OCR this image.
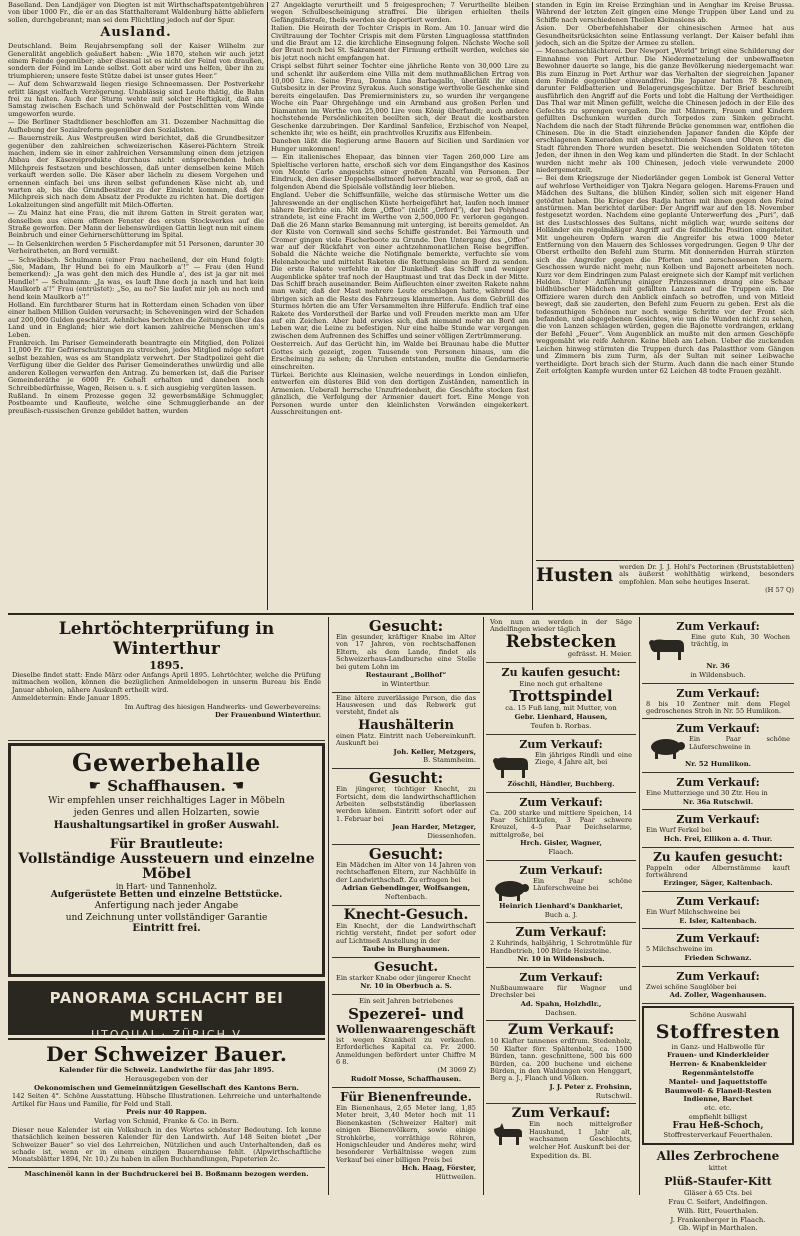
Baselland. Den Landjäger von Diegten ist mit Wirthschaftspatentgebühren von über 1000 Fr., die er an das Statthalteramt Waldenburg hätte abliefern sollen, durchgebrannt; man sei dem Flüchtling jedoch auf der Spur.

Ausland.

Deutschland. Beim Reujahrsempfang soll der Kaiser Wilhelm zur Generalität angeblich geäußert haben: „Wie 1870, stehen wir auch jetzt einem Feinde gegenüber; aber diesmal ist es nicht der Feind von draußen, sondern der Feind im Lande selbst. Gott aber wird uns helfen, über ihn zu triumphieren; unsere feste Stütze dabei ist unser gutes Heer.“

— Auf dem Schwarzwald liegen riesige Schneemassen. Der Postverkehr erlitt längst vielfach Verzögerung. Unablässig sind Leute thätig, die Bahn frei zu halten. Auch der Sturm wehte mit solcher Heftigkeit, daß am Samstag zwischen Eschach und Schönwald der Postschlitten vom Winde umgeworfen wurde.

— Die Berliner Stadtdiener beschloffen am 31. Dezember Nachmittag die Aufhebung der Sozialreform gegenüber den Sozialisten.

— Bauernstreik. Aus Westpreußen wird berichtet, daß die Grundbesitzer gegenüber den zahlreichen schweizerischen Käserei-Pächtern Streik machen, indem sie in einer zahlreichen Versammlung einen dem jetzigen Abbau der Käsereiprodukte durchaus nicht entsprechenden hohen Milchpreis festsetzen und beschlossen, daß unter demselben keine Milch verkauft werden solle. Die Käser aber lächeln zu diesem Vorgehen und ernennen einfach bei uns ihren selbst gefundenen Käse nicht ab, und warten ab, bis die Grundbesitzer zu der Einsicht kommen, daß der Milchpreis sich nach dem Absatz der Produkte zu richten hat. Die dortigen Lokalzeitungen sind angefüllt mit Milch-Offerten.

— Zu Mainz hat eine Frau, die mit ihrem Gatten in Streit geraten war, denselben aus einem offenen Fenster des ersten Stockwerkes auf die Straße geworfen. Der Mann der liebenswürdigen Gattin liegt nun mit einem Beinbruch und einer Gehirnerschütterung im Spital.

— In Gelsenkirchen werden 5 Fischerdampfer mit 51 Personen, darunter 30 Verheiratheten, an Bord vermißt.

— Schwäbisch. Schulmann (einer Frau nacheilend, der ein Hund folgt): „Sie, Madam, Ihr Hund bei fo ein Maulkorb a'!“ — Frau (den Hund bemerkend): „Ja was geht den mich des Hundle a', des ist ja gar nit mei Hundle!“ — Schulmann: „Ja was, es lauft Ihne doch ja nach und hat kein Maulkorb a'!“ Frau (entrüstet): „So, au no? Sie laufet mir joh au noch und hend kein Maulkorb a'!“

Holland. Ein furchtbarer Sturm hat in Rotterdam einen Schaden von über einer halben Million Gulden verursacht; in Scheveningen wird der Schaden auf 200,000 Gulden geschätzt. Aehnliches berichten die Zeitungen über das Land und in England; hier wie dort kamen zahlreiche Menschen um's Leben.

Frankreich. Im Pariser Gemeinderath beantragte ein Mitglied, den Polizei 11,000 Fr. für Gefrierschutzungen zu streichen, jedes Mitglied möge sofort selbst bezahlen, was es am Standplatz verwehrt. Der Stadtpolizei geht die Verfügung über die Gelder des Pariser Gemeinderathes unwürdig und alle anderen Kollegen verwarfen den Antrag. Zu bemerken ist, daß die Pariser Gemeinderäthe je 6000 Fr. Gehalt erhalten und daneben noch Schreibbedürfnisse, Wagen, Reisen u. s. f. sich ausgiebig vergüten lassen.

Rußland. In einem Prozesse gegen 32 gewerbsmäßige Schmuggler, Postbeamte und Kaufleute, welche eine Schmugglerbande an der preußisch-russischen Grenze gebildet hatten, wurden

27 Angeklagte verurtheilt und 5 freigesprochen; 7 Verurtheilte bleiben wegen Schulbescheinigung straffrei. Die übrigen erhielten theils Gefängnißstrafe, theils werden sie deportiert werden.

Italien. Die Heirath der Tochter Crispis in Rom. Am 10. Januar wird die Civiltrauung der Tochter Crispis mit dem Fürsten Linguaglossa stattfinden und die Braut am 12. die kirchliche Einsegnung folgen. Nächste Woche soll der Braut noch bei St. Sakrament der Firmung ertheilt werden, welches sie bis jetzt noch nicht empfangen hat.

Crispi selbst führt seiner Tochter eine jährliche Rente von 30,000 Lire zu und schenkt ihr außerdem eine Villa mit dem muthmaßlichen Ertrag von 10,000 Lire. Seine Frau, Donna Lina Barbagallo, überläßt ihr einen Gutsbesitz in der Provinz Syrakus. Auch sonstige werthvolle Geschenke sind bereits eingelaufen. Das Premierministers zu, so wurden ihr vergangene Woche ein Paar Ohrgehänge und ein Armband aus großen Perlen und Diamanten im Werthe von 25,000 Lire vom König überfandt; auch andere hochstehende Persönlichkeiten beeilten sich, der Braut die kostbarsten Geschenke darzubringen. Der Kardinal Sanfelice, Erzbischof von Neapel, schenkte ihr, wie es heißt, ein prachtvolles Kruzifix aus Elfenbein.

Daneben läßt die Regierung arme Bauern auf Sicilien und Sardinien vor Hunger umkommen!

— Ein italienisches Ehepaar, das binnen vier Tagen 260,000 Lire am Spieltische verloren hatte, erschoß sich vor dem Eingangsthor des Kasinos von Monte Carlo angesichts einer großen Anzahl von Personen. Der Eindruck, den dieser Doppelselbstmord hervorbrachte, war so groß, daß an folgenden Abend die Spielsäle vollständig leer blieben.

England. Ueber die Schiffsunfälle, welche das stürmische Wetter um die Jahreswende an der englischen Küste herbeigeführt hat, laufen noch immer nähere Berichte ein. Mit dem „Offeo“ (nicht „Orford“), der bei Polyhead strandete, ist eine Fracht im Werthe von 2,500,000 Fr. verloren gegangen. Daß die 26 Mann starke Bemannung mit unterging, ist bereits gemeldet. An der Küste von Cornwall sind sechs Schiffe gestrandet. Bei Yarmouth und Cromer gingen viele Fischerboote zu Grunde. Den Untergang des „Offeo“ war auf der Rückfahrt von einer achtzehnmonatlichen Reise begriffen. Sobald die Nächte weiche die Notifignale bemerkte, verfuchte sie vom Helenabouche und mittelst Raketen die Rettungsleine an Bord zu senden. Die erste Rakete verfehlte in der Dunkelheit das Schiff und weniger Augenblicke später traf noch der Hauptmast und trat das Deck in der Mitte. Das Schiff brach auseinander. Beim Aufleuchten einer zweiten Rakete nahm man wahr, daß der Mast mehrere Leute erschlagen hatte, während die übrigen sich an die Reste des Fahrzeugs klammerten. Aus dem Gebrüll des Sturmes hörten die am Ufer Versammelten ihre Hilferufe. Endlich traf eine Rakete des Vorderstheil der Barke und voll Freuden merkte man am Ufer auf ein Zeichen. Aber bald erwies sich, daß niemand mehr an Bord am Leben war, die Leine zu befestigen. Nur eine halbe Stunde war vergangen zwischen dem Aufrennen des Schiffes und seiner völligen Zertrümmerung.

Oesterreich. Auf das Gerücht hin, im Walde bei Braunau habe die Mutter Gottes sich gezeigt, zogen Tausende von Personen hinaus, um die Erscheinung zu sehen; da Unruhen entstanden, mußte die Gendarmerie einschreiten.

Türkei. Berichte aus Kleinasien, welche neuerdings in London einliefen, entwerfen ein düsteres Bild von den dortigen Zuständen, namentlich in Armenien. Ueberall herrsche Unzufriedenheit, die Geschäfte stocken fast gänzlich, die Verfolgung der Armenier dauert fort. Eine Menge von Personen wurde unter den kleinlichsten Vorwänden eingekerkert. Ausschreitungen ent-

standen in Egin im Kreise Erzinghian und in Aenghar im Kreise Brussa. Während der letzten Zeit gingen eine Menge Truppen über Land und zu Schiffe nach verschiedenen Theilen Kleinasiens ab.

Asien. Der Oberbefehlshaber der chinesischen Armee hat aus Gesundheitsrücksichten seine Entlassung verlangt. Der Kaiser befahl ihm jedoch, sich an die Spitze der Armee zu stellen.

— Menschenschlächterei. Der Newport „World“ bringt eine Schilderung der Einnahme von Port Arthur. Die Niedermetzelung der unbewaffneten Bewohner dauerte so lange, bis die ganze Bevölkerung niedergemacht war. Bis zum Einzug in Port Arthur war das Verhalten der siegreichen Japaner dem Feinde gegenüber einwandfrei. Die Japaner hatten 78 Kanonen, darunter Feldbatterien und Belagerungsgeschütze. Der Brief beschreibt ausführlich den Angriff auf die Forts und lobt die Haltung der Vertheidiger. Das Thal war mit Minen gefüllt, welche die Chinesen jedoch in der Eile des Gefechts zu sprengen vergaßen. Die mit Männern, Frauen und Kindern gefüllten Dschunken wurden durch Torpedos zum Sinken gebracht. Nachdem die nach der Stadt führende Brücke genommen war, entflohen die Chinesen. Die in die Stadt einziehenden Japaner fanden die Köpfe der erschlagenen Kameraden mit abgeschnittenen Nasen und Ohren vor; die Stadt führenden Thore wurden besetzt. Die weichenden Soldaten töteten Jeden, der ihnen in den Weg kam und plünderten die Stadt. In der Schlacht wurden nicht mehr als 100 Chinesen, jedoch viele verwundete 2000 niedergemetzelt.

— Bei dem Kriegszuge der Niederländer gegen Lombok ist General Vetter auf wehrlose Vertheidiger von Tjakra Negara gelogen. Harems-Frauen und Mädchen des Sultans, die blühen Kinder, sollen sich mit eigener Hand getödtet haben. Die Krieger des Radja hatten mit ihnen gegen den Feind anstürmen. Man berichtet darüber: Der Angriff war auf den 18. November festgesetzt worden. Nachdem eine geplante Unterwerfung des „Puri“, daß ist des Lustschlosses des Sultans, nicht möglich war, wurde seitens der Holländer ein regelmäßiger Angriff auf die feindliche Position eingeleitet. Mit ungeheuren Opfern waren die Angreifer bis etwa 1000 Meter Entfernung von den Mauern des Schlosses vorgedrungen. Gegen 9 Uhr der Oberst ertheilte den Befehl zum Sturm. Mit donnernden Hurrah stürzten sich die Angreifer gegen die Pforten und zerschossenen Mauern. Geschossen wurde nicht mehr, nun Kolben und Bajonett arbeiteten noch. Kurz vor dem Eindringen zum Palast ereignete sich der Kampf mit verlichen Helden. Unter Anführung einiger Prinzessinnen drang eine Schaar bildhübscher Mädchen mit gefällten Lanzen auf die Truppen ein. Die Offiziere waren durch den Anblick einfach so betroffen, und von Mitleid bewegt, daß sie zauderten, den Befehl zum Feuern zu geben. Erst als die todesmuthigen Schönen nur noch wenige Schritte vor der Front sich befanden, und abgegebenen Gesichtes, wie um die Wunden nicht zu sehen, die von Lanzen schlagen würden, gegen die Bajonette vordrangen, erklang der Befehl „Feuer“. Vom Augenblick an mußte mit den armen Geschöpfe weggemäht wie reife Aehren. Keine blieb am Leben. Ueber die zuckenden Leichen hinweg stürmten die Truppen durch das Palastthor vom Gängen und Zimmern bis zum Turm, als der Sultan mit seiner Leibwache vertheidigte. Dort brach sich der Sturm. Auch dann die nach einer Stunde Zeit erfolgten Kampfe wurden unter 62 Leichen 48 todte Frauen gezählt.

Husten werden Dr. J. J. Hohl's Pectorinen (Bruststabletten) als äußerst wohlthätig wirkend, besonders empfohlen. Man sehe heutiges Inserat.
(H 57 Q)
Lehrtöchterprüfung in Winterthur
1895.

Dieselbe findet statt: Ende März oder Anfangs April 1895. Lehrtöchter, welche die Prüfung mitmachen wollen, können die bezüglichen Anmeldebogen in unserm Bureau bis Ende Januar abholen, nähere Auskunft ertheilt wird.

Anmeldetermin: Ende Januar 1895.

Im Auftrag des hiesigen Handwerks- und Gewerbevereins:

Der Frauenbund Winterthur.

Gewerbehalle
☛ Schaffhausen. ☚
Wir empfehlen unser reichhaltiges Lager in Möbeln
jeden Genres und allen Holzarten, sowie
Haushaltungsartikel in großer Auswahl.
Für Brautleute:
Vollständige Aussteuern und einzelne Möbel
in Hart- und Tannenholz.
Aufgerüstete Betten und einzelne Bettstücke.
Anfertigung nach jeder Angabe
und Zeichnung unter vollständiger Garantie
Eintritt frei.
PANORAMA SCHLACHT BEI MURTEN
UTOQUAI · ZÜRICH V
Der Schweizer Bauer.
Kalender für die Schweiz. Landwirthe für das Jahr 1895.
Herausgegeben von der
Oekonomischen und Gemeinnützigen Gesellschaft des Kantons Bern.

142 Seiten 4°. Schöne Ausstattung. Hübsche Illustrationen. Lehrreiche und unterhaltende Artikel für Haus und Familie, für Feld und Stall.

Preis nur 40 Rappen.
Verlag von Schmid, Franke & Co. in Bern.

Dieser neue Kalender ist ein Volksbuch in des Wortes schönster Bedeutung. Ich kenne thatsächlich keinen besseren Kalender für den Landwirth. Auf 148 Seiten bietet „Der Schweizer Bauer“ so viel des Lehrreichen, Nützlichen und auch Unterhaltenden, daß es schade ist, wenn er in einem einzigen Bauernhause fehlt. (Alpwirthschaftliche Monatsblätter 1894, Nr. 10.) Zu haben in allen Buchhandlungen, Papeterien 2c.

Maschinenöl kann in der Buchdruckerei bei B. Boßmann bezogen werden.
Gesucht:

Ein gesunder, kräftiger Knabe im Alter von 17 Jahren, von rechtschaffenen Eltern, als dem Lande, findet als Schweizerhaus-Landbursche eine Stelle bei gutem Lohn im

Restaurant „Bollhof“
in Winterthur.

Eine ältere zuverlässige Person, die das Hauswesen und das Rebwerk gut versteht, findet als

Haushälterin

einen Platz. Eintritt nach Uebereinkunft. Auskunft bei

Joh. Keller, Metzgers,
B. Stammheim.
Gesucht:

Ein jüngerer, tüchtiger Knecht, zu Fortsicht, dem die landwirthschaftlichen Arbeiten selbstständig überlassen werden können. Eintritt sofort oder auf 1. Februar bei

Jean Harder, Metzger,
Diessenhofen.
Gesucht:

Ein Mädchen im Alter von 14 Jahren von rechtschaffenen Eltern, zur Nachhülfe in der Landwirthschaft. Zu erfragen bei

Adrian Gebendinger, Wolfsangen,
Neftenbach.
Knecht-Gesuch.

Ein Knecht, der die Landwirthschaft richtig versteht, findet per sofort oder auf Lichtmeß Anstellung in der

Taube in Burghaumen.
Gesucht.

Ein starker Knabe oder jüngerer Knecht

Nr. 10 in Oberbuch a. S.
Ein seit Jahren betriebenes
Spezerei- und
Wollenwaarengeschäft

ist wegen Krankheit zu verkaufen. Erforderliches Kapital ca. Fr. 2000. Anmeldungen befördert unter Chiffre M 6 8.

(M 3069 Z)
Rudolf Mosse, Schaffhausen.
Für Bienenfreunde.

Ein Bienenhaus, 2,65 Meter lang, 1,85 Meter breit, 3,40 Meter hoch mit 11 Bienenkasten (Schweizer Halter) mit einigen Bienenvölkern, sowie einige Strohkörbe, vorräthige Röhren, Honigschleuder und Anderes mehr, wird besonderer Verhältnisse wegen zum Verkauf bei einer billigen Preis bei

Hch. Haag, Förster,
Hüttweilen.

Von nun an werden in der Säge Andelfingen wieder täglich

Rebstecken
gefrässt. H. Meier.
Zu kaufen gesucht:
Eine noch gut erhaltene
Trottspindel
ca. 15 Fuß lang, mit Mutter, von
Gebr. Lienhard, Hausen,
Teufen b. Rorbas.
Zum Verkauf:

Ein jähriges Rindli und eine Ziege, 4 Jahre alt, bei

Zöschli, Händler, Buchberg.
Zum Verkauf:

Ca. 200 starke und mittlere Speichen, 14 Paar Schlittkufen, 3 Paar schwere Kreuzel, 4–5 Paar Deichselarme, mittelgroße, bei

Hrch. Gisler, Wagner,
Flaach.
Zum Verkauf:

Ein Paar schöne Läuferschweine bei

Heinrich Lienhard's Dankhariet,
Buch a. J.
Zum Verkauf:

2 Kuhrinds, halbjährig, 1 Schrotmühle für Handbetrieb, 100 Bürde Heizsteine.

Nr. 10 in Wildensbuch.
Zum Verkauf:

Nußbaumwaare für Wagner und Drechsler bei

Ad. Spahn, Holzhdlr.,
Dachsen.
Zum Verkauf:

10 Klafter tannenes erdfrum. Stedenholz, 50 Klafter förr. Spältenholz, ca. 1500 Bürden, tann. geschnittene, 500 bis 600 Bürden, ca. 200 buchene und eichene Bürden, in den Waldungen von Henggart, Berg a. J., Flaach und Volken.

J. J. Peter z. Frohsinn,
Rutschwil.
Zum Verkauf:

Ein noch mittelgroßer Haushund, 1 Jahr alt, wachsamen Geschlechts, welcher Hof. Auskunft bei der

Expedition ds. Bl.
Zum Verkauf:

Eine gute Kuh, 30 Wochen trächtig, in

Nr. 36
in Wildensbuch.
Zum Verkauf:

8 bis 10 Zentner mit dem Flegel gedroschenes Stroh in Nr. 55 Humlikon.

Zum Verkauf:

Ein Paar schöne Läuferschweine in

Nr. 52 Humlikon.
Zum Verkauf:

Eine Mutterziege und 30 Ztr. Heu in

Nr. 36a Rutschwil.
Zum Verkauf:

Ein Wurf Ferkel bei

Hch. Frei, Ellikon a. d. Thur.
Zu kaufen gesucht:

Pappeln oder Albernstämme kauft fortwährend

Erzinger, Säger, Kaltenbach.
Zum Verkauf:

Ein Wurf Milchschweine bei

E. Isler, Kaltenbach.
Zum Verkauf:

5 Milchschweine im

Frieden Schwanz.
Zum Verkauf:

Zwei schöne Sauglöber bei

Ad. Zoller, Wagenhausen.
Schöne Auswahl
Stoffresten
in Ganz- und Halbwolle für
Frauen- und Kinderkleider
Herren- & Knabenkleider
Regenmäntelstoffe
Mantel- und Jaquettstoffe
Baumwoll- & Flanell-Resten
Indienne, Barchet
etc. etc.
empfiehlt billigst
Frau Heß-Schoch,
Stoffresterverkauf Feuerthalen.
Alles Zerbrochene
kittet
Plüß-Staufer-Kitt
Gläser à 65 Cts. bei
Frau C. Seifert, Andelfingen.
Wilh. Ritt, Feuerthalen.
J. Frankenberger in Flaach.
Gb. Wipf in Marthalen.
